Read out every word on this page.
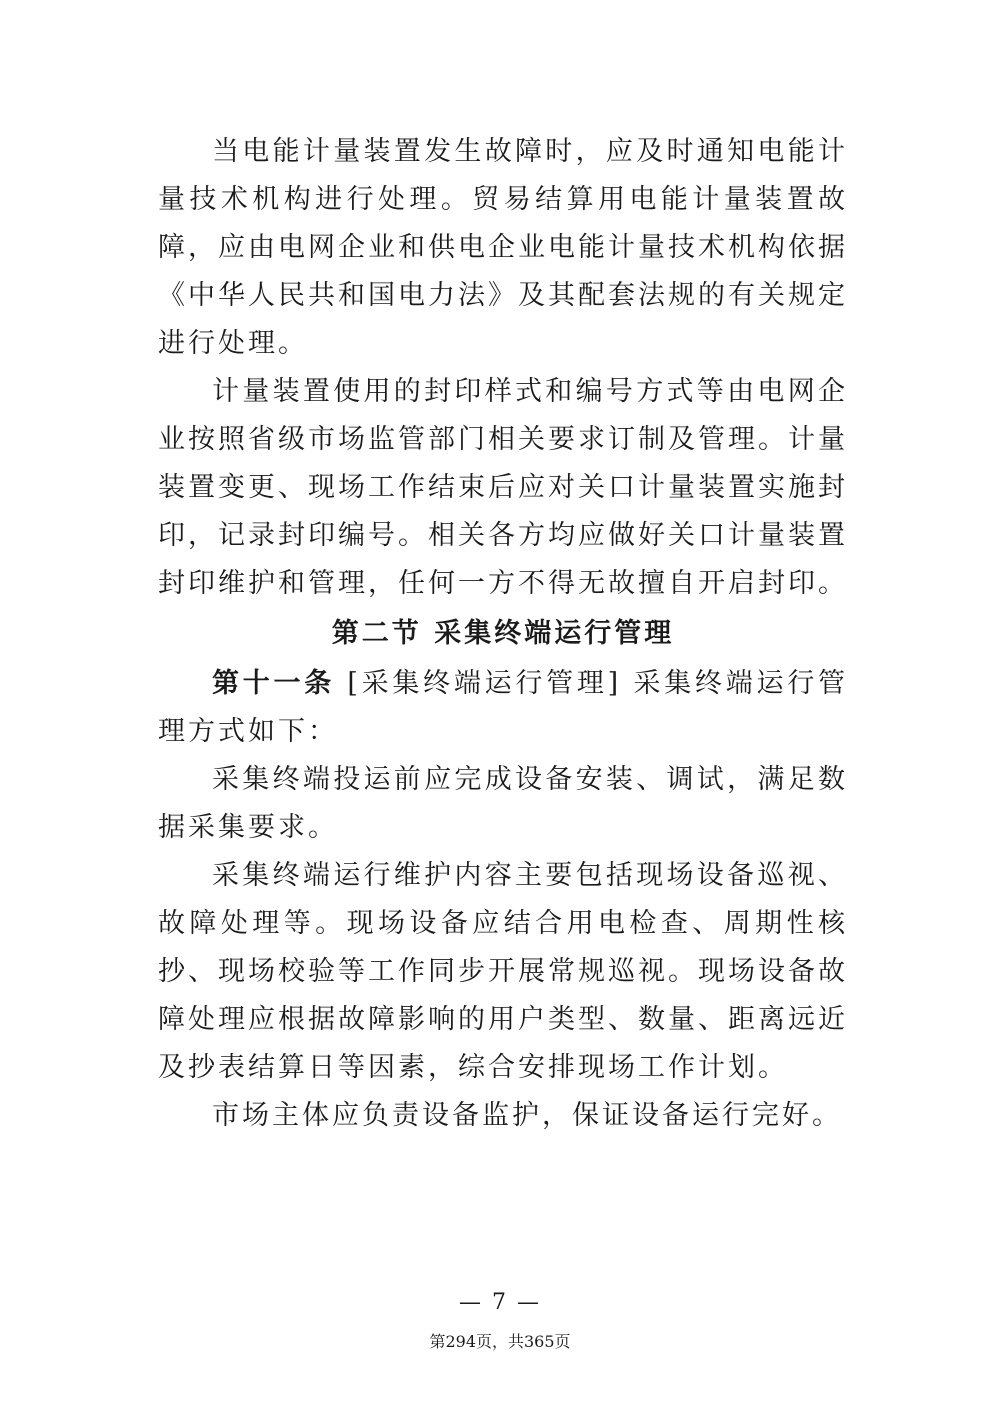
当电能计量装置发生故障时，应及时通知电能计量技术机构进行处理。贸易结算用电能计量装置故障，应由电网企业和供电企业电能计量技术机构依据《中华人民共和国电力法》及其配套法规的有关规定进行处理。

计量装置使用的封印样式和编号方式等由电网企业按照省级市场监管部门相关要求订制及管理。计量装置变更、现场工作结束后应对关口计量装置实施封印，记录封印编号。相关各方均应做好关口计量装置封印维护和管理，任何一方不得无故擅自开启封印。

第二节 采集终端运行管理

第十一条 [采集终端运行管理] 采集终端运行管理方式如下：

采集终端投运前应完成设备安装、调试，满足数据采集要求。

采集终端运行维护内容主要包括现场设备巡视、故障处理等。现场设备应结合用电检查、周期性核抄、现场校验等工作同步开展常规巡视。现场设备故障处理应根据故障影响的用户类型、数量、距离远近及抄表结算日等因素，综合安排现场工作计划。

市场主体应负责设备监护，保证设备运行完好。

— 7 —
第294页，共365页
